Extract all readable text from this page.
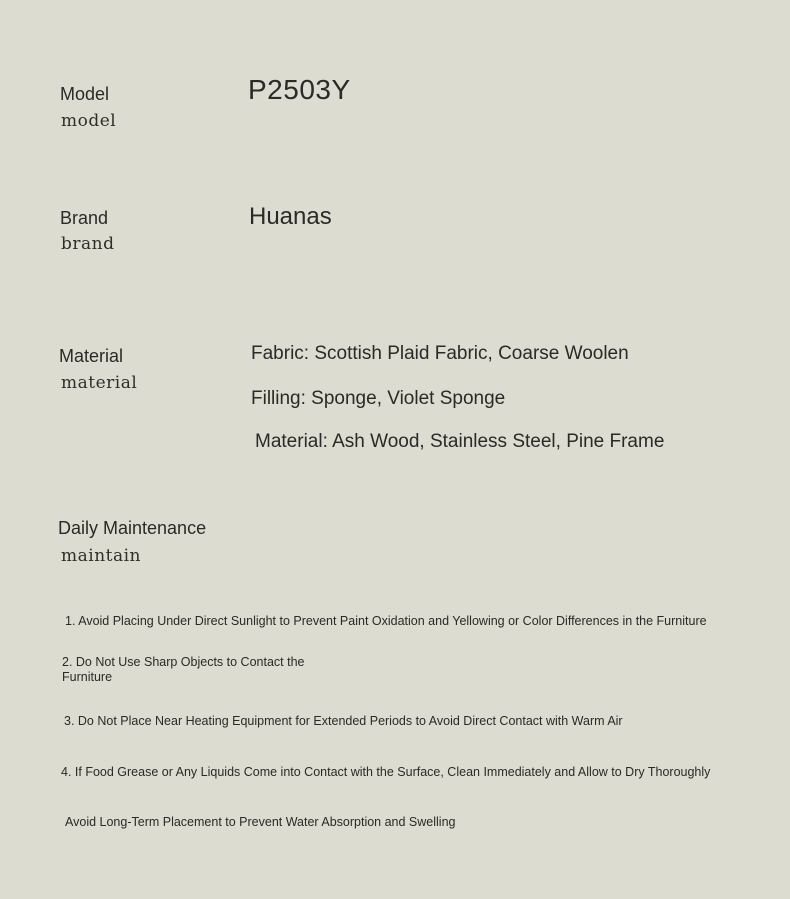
Model
model
P2503Y
Brand
brand
Huanas
Material
material
Fabric: Scottish Plaid Fabric, Coarse Woolen
Filling: Sponge, Violet Sponge
Material: Ash Wood, Stainless Steel, Pine Frame
Daily Maintenance
maintain
1. Avoid Placing Under Direct Sunlight to Prevent Paint Oxidation and Yellowing or Color Differences in the Furniture
2. Do Not Use Sharp Objects to Contact the Furniture
3. Do Not Place Near Heating Equipment for Extended Periods to Avoid Direct Contact with Warm Air
4. If Food Grease or Any Liquids Come into Contact with the Surface, Clean Immediately and Allow to Dry Thoroughly
Avoid Long-Term Placement to Prevent Water Absorption and Swelling
